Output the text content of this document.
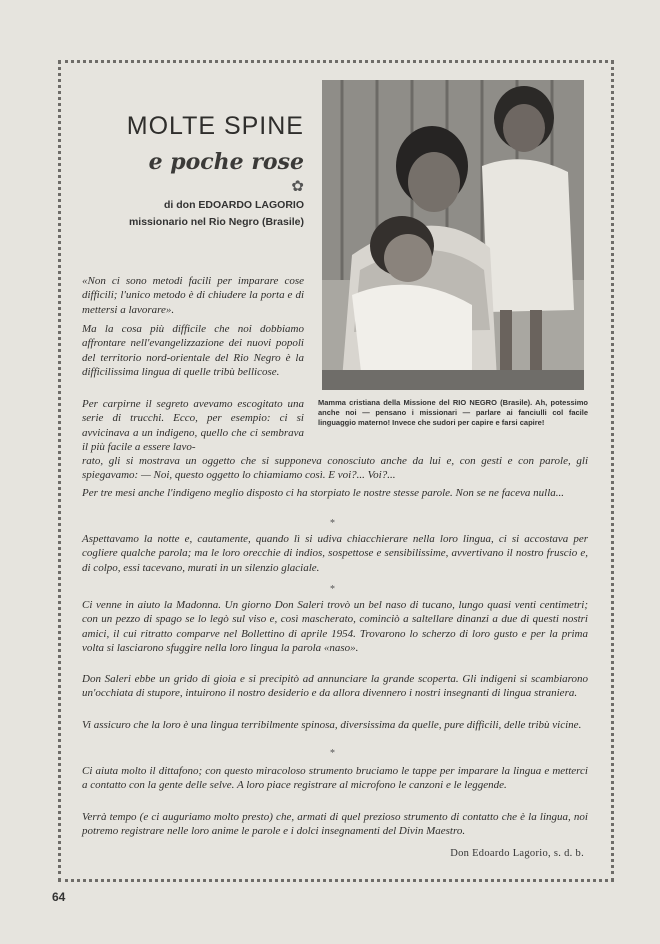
MOLTE SPINE
e poche rose
✿
di don EDOARDO LAGORIO
missionario nel Rio Negro (Brasile)
Mamma cristiana della Missione del RIO NEGRO (Brasile). Ah, potessimo anche noi — pensano i missionari — parlare ai fanciulli col facile linguaggio materno! Invece che sudori per capire e farsi capire!

«Non ci sono metodi facili per imparare cose difficili; l'unico metodo è di chiudere la porta e di mettersi a lavorare».

Ma la cosa più difficile che noi dobbiamo affrontare nell'evangelizzazione dei nuovi popoli del territorio nord-orientale del Rio Negro è la difficilissima lingua di quelle tribù bellicose.

Per carpirne il segreto avevamo escogitato una serie di trucchi. Ecco, per esempio: ci si avvicinava a un indigeno, quello che ci sembrava il più facile a essere lavo-

rato, gli si mostrava un oggetto che si supponeva conosciuto anche da lui e, con gesti e con parole, gli spiegavamo: — Noi, questo oggetto lo chiamiamo così. E voi?... Voi?...

Per tre mesi anche l'indigeno meglio disposto ci ha storpiato le nostre stesse parole. Non se ne faceva nulla...

*

Aspettavamo la notte e, cautamente, quando lì si udiva chiacchierare nella loro lingua, ci si accostava per cogliere qualche parola; ma le loro orecchie di indios, sospettose e sensibilissime, avvertivano il nostro fruscio e, di colpo, essi tacevano, murati in un silenzio glaciale.

*

Ci venne in aiuto la Madonna. Un giorno Don Saleri trovò un bel naso di tucano, lungo quasi venti centimetri; con un pezzo di spago se lo legò sul viso e, così mascherato, cominciò a saltellare dinanzi a due di questi nostri amici, il cui ritratto comparve nel Bollettino di aprile 1954. Trovarono lo scherzo di loro gusto e per la prima volta si lasciarono sfuggire nella loro lingua la parola «naso».

Don Saleri ebbe un grido di gioia e si precipitò ad annunciare la grande scoperta. Gli indigeni si scambiarono un'occhiata di stupore, intuirono il nostro desiderio e da allora divennero i nostri insegnanti di lingua straniera.

Vi assicuro che la loro è una lingua terribilmente spinosa, diversissima da quelle, pure difficili, delle tribù vicine.

*

Ci aiuta molto il dittafono; con questo miracoloso strumento bruciamo le tappe per imparare la lingua e metterci a contatto con la gente delle selve. A loro piace registrare al microfono le canzoni e le leggende.

Verrà tempo (e ci auguriamo molto presto) che, armati di quel prezioso strumento di contatto che è la lingua, noi potremo registrare nelle loro anime le parole e i dolci insegnamenti del Divin Maestro.

Don Edoardo Lagorio, s. d. b.
64
